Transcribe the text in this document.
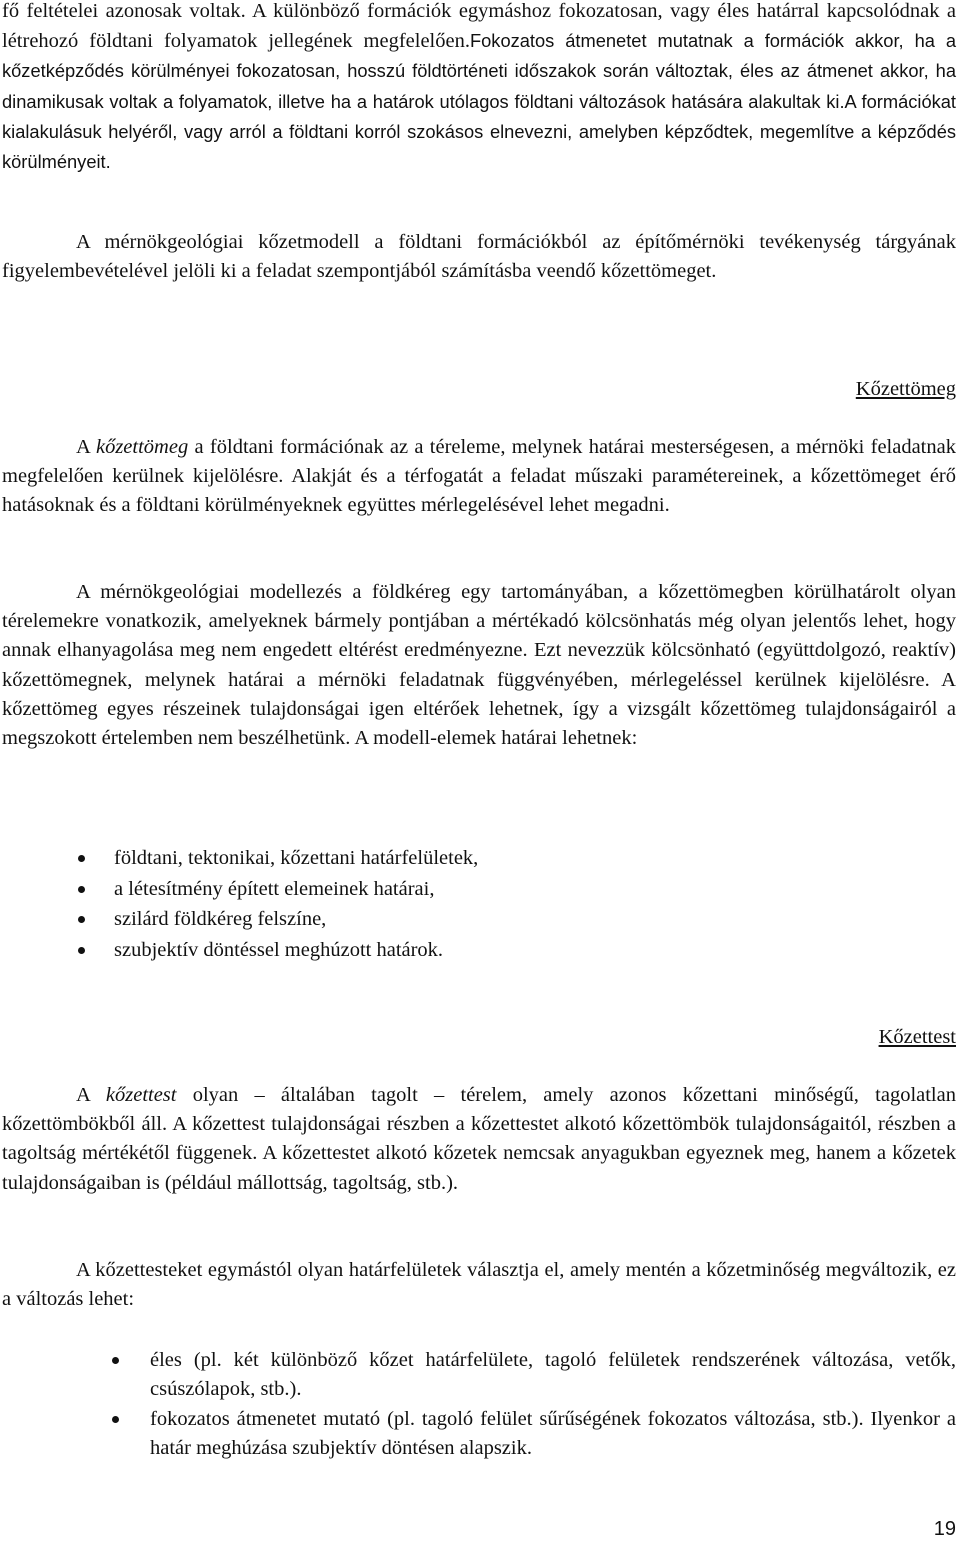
fő feltételei azonosak voltak. A különböző formációk egymáshoz fokozatosan, vagy éles határral kapcsolódnak a létrehozó földtani folyamatok jellegének megfelelően.Fokozatos átmenetet mutatnak a formációk akkor, ha a kőzetképződés körülményei fokozatosan, hosszú földtörténeti időszakok során változtak, éles az átmenet akkor, ha dinamikusak voltak a folyamatok, illetve ha a határok utólagos földtani változások hatására alakultak ki.A formációkat kialakulásuk helyéről, vagy arról a földtani korról szokásos elnevezni, amelyben képződtek, megemlítve a képződés körülményeit.

A mérnökgeológiai kőzetmodell a földtani formációkból az építőmérnöki tevékenység tárgyának figyelembevételével jelöli ki a feladat szempontjából számításba veendő kőzettömeget.

Kőzettömeg

A kőzettömeg a földtani formációnak az a téreleme, melynek határai mesterségesen, a mérnöki feladatnak megfelelően kerülnek kijelölésre. Alakját és a térfogatát a feladat műszaki paramétereinek, a kőzettömeget érő hatásoknak és a földtani körülményeknek együttes mérlegelésével lehet megadni.

A mérnökgeológiai modellezés a földkéreg egy tartományában, a kőzettömegben körülhatárolt olyan térelemekre vonatkozik, amelyeknek bármely pontjában a mértékadó kölcsönhatás még olyan jelentős lehet, hogy annak elhanyagolása meg nem engedett eltérést eredményezne. Ezt nevezzük kölcsönható (együttdolgozó, reaktív) kőzettömegnek, melynek határai a mérnöki feladatnak függvényében, mérlegeléssel kerülnek kijelölésre. A kőzettömeg egyes részeinek tulajdonságai igen eltérőek lehetnek, így a vizsgált kőzettömeg tulajdonságairól a megszokott értelemben nem beszélhetünk. A modell-elemek határai lehetnek:

földtani, tektonikai, kőzettani határfelületek,
a létesítmény épített elemeinek határai,
szilárd földkéreg felszíne,
szubjektív döntéssel meghúzott határok.

Kőzettest

A kőzettest olyan – általában tagolt – térelem, amely azonos kőzettani minőségű, tagolatlan kőzettömbökből áll. A kőzettest tulajdonságai részben a kőzettestet alkotó kőzettömbök tulajdonságaitól, részben a tagoltság mértékétől függenek. A kőzettestet alkotó kőzetek nemcsak anyagukban egyeznek meg, hanem a kőzetek tulajdonságaiban is (például mállottság, tagoltság, stb.).

A kőzettesteket egymástól olyan határfelületek választja el, amely mentén a kőzetminőség megváltozik, ez a változás lehet:

éles (pl. két különböző kőzet határfelülete, tagoló felületek rendszerének változása, vetők, csúszólapok, stb.).
fokozatos átmenetet mutató (pl. tagoló felület sűrűségének fokozatos változása, stb.). Ilyenkor a határ meghúzása szubjektív döntésen alapszik.

19
